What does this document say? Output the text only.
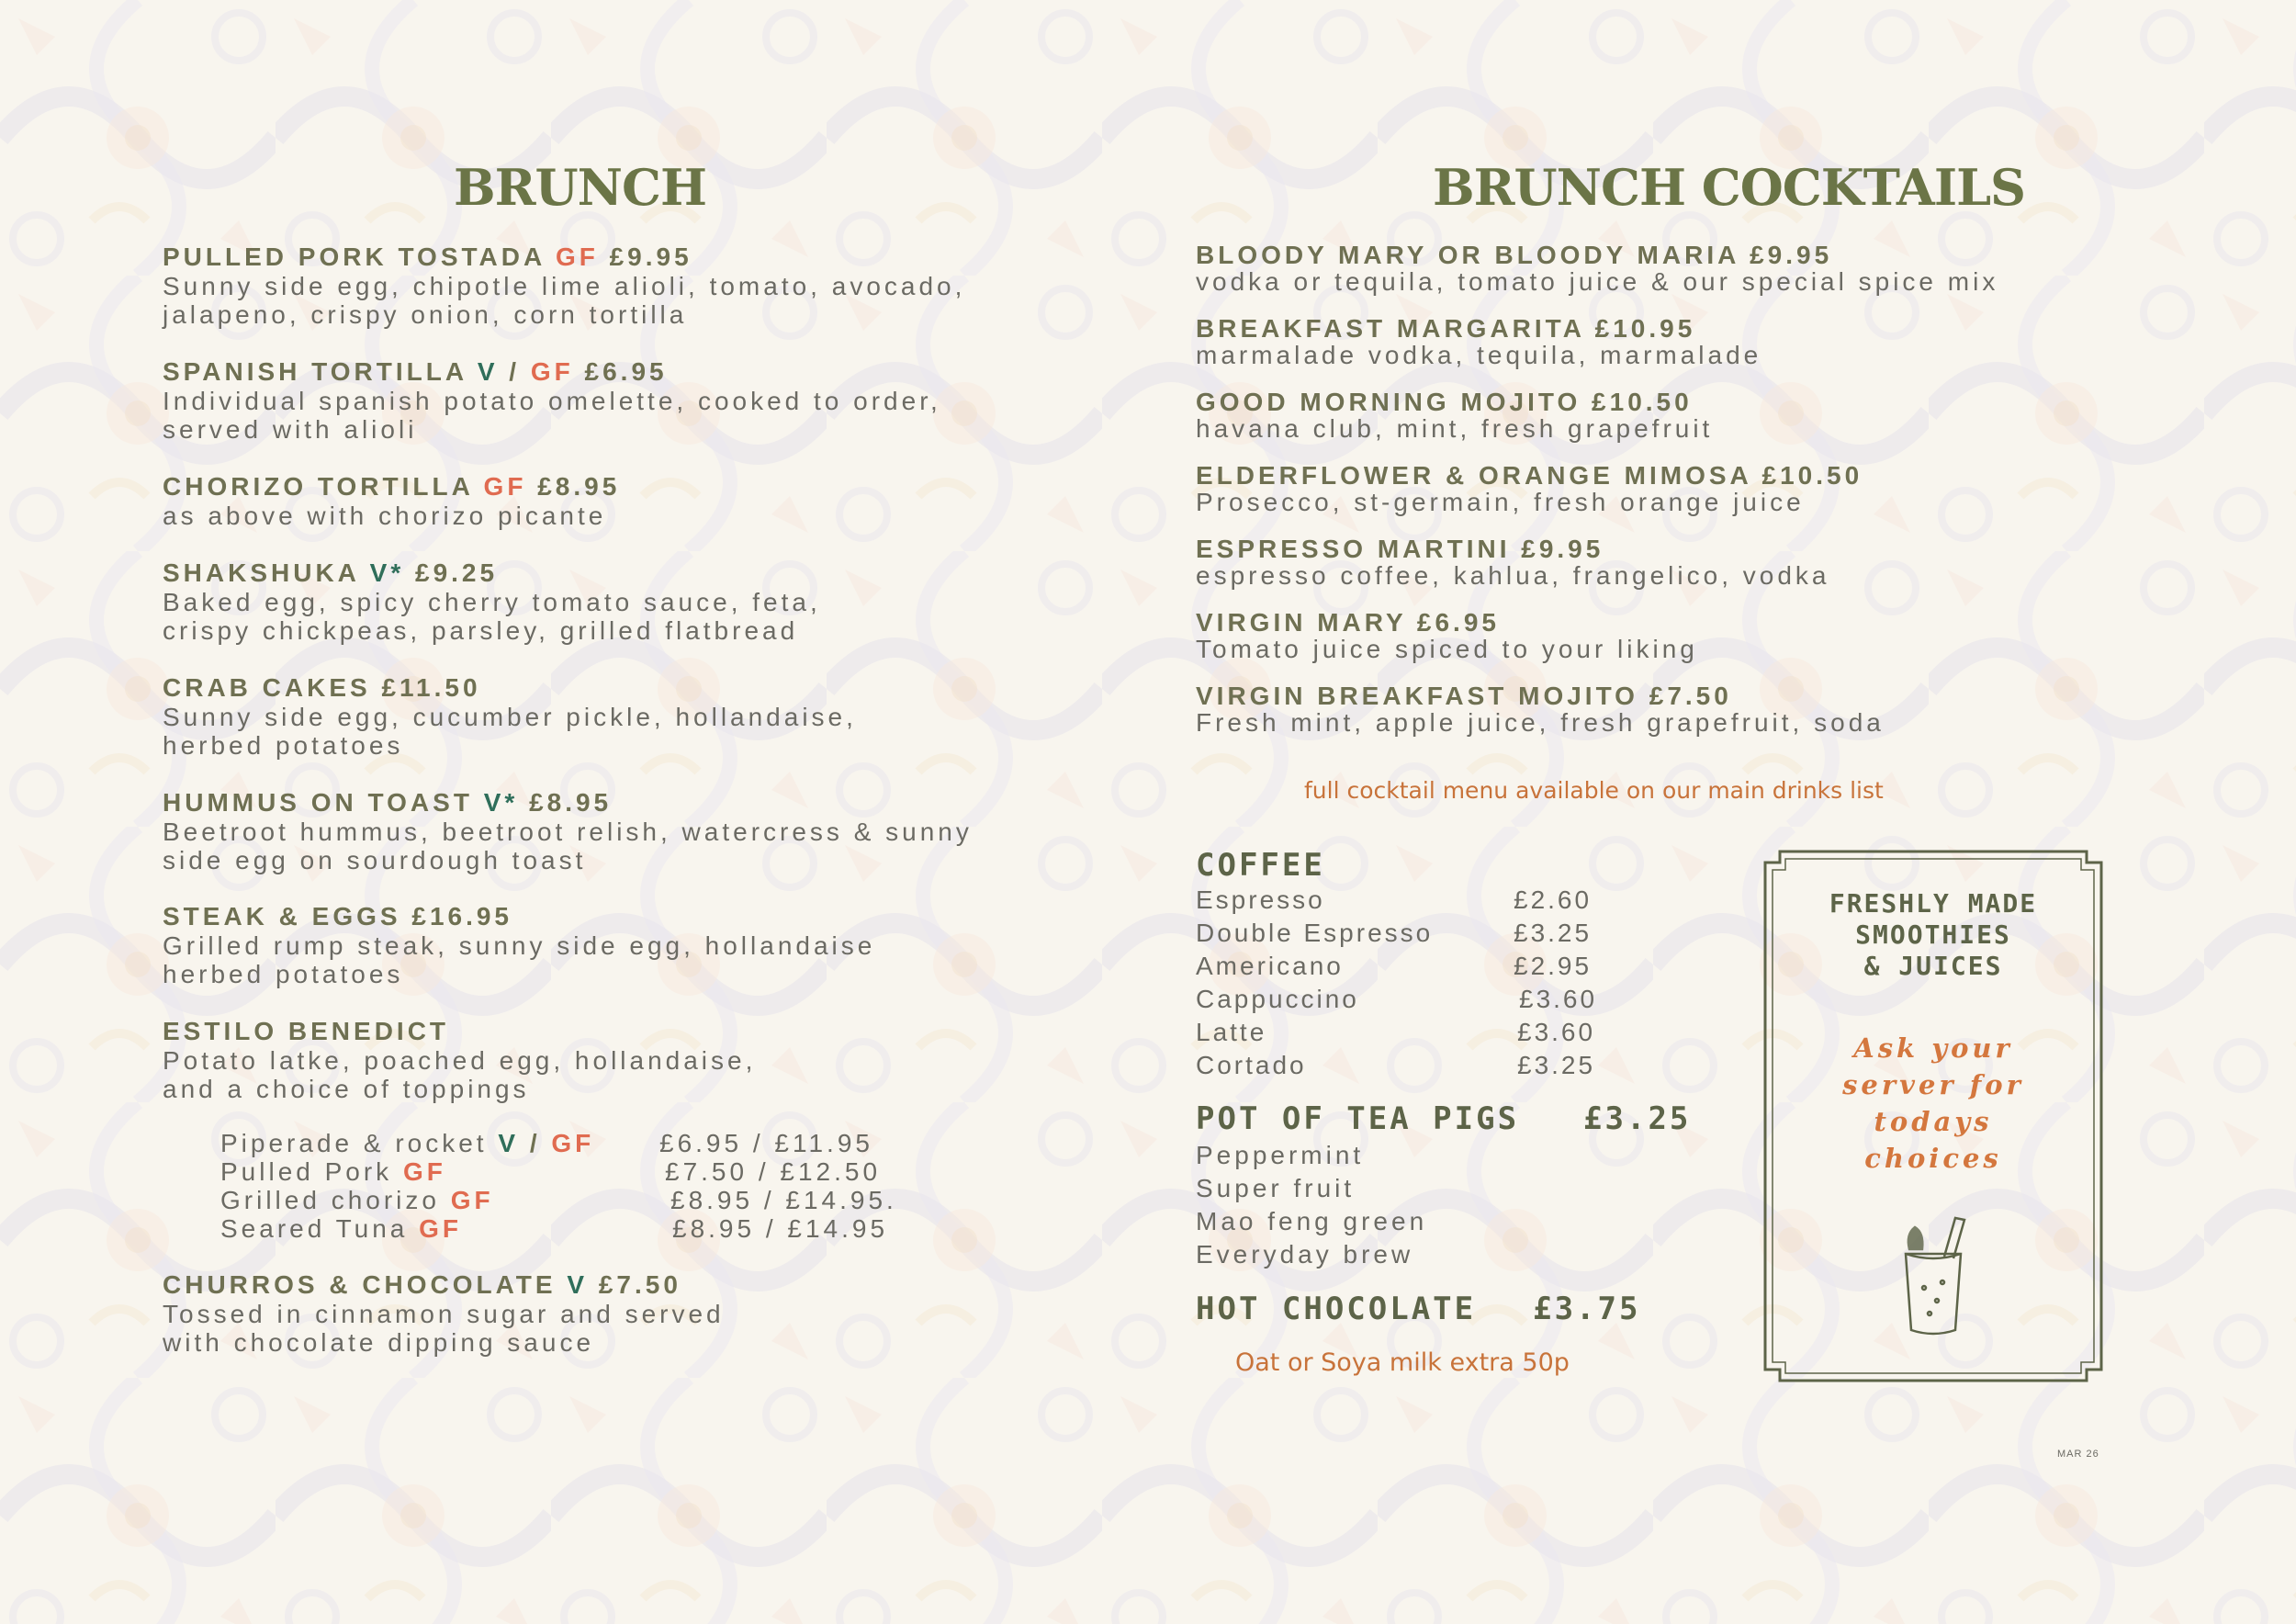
BRUNCH	BRUNCH COCKTAILS
PULLED PORK TOSTADA GF £9.95
Sunny side egg, chipotle lime alioli, tomato, avocado,
jalapeno, crispy onion, corn tortilla
SPANISH TORTILLA V / GF £6.95
Individual spanish potato omelette, cooked to order,
served with alioli
CHORIZO TORTILLA GF £8.95
as above with chorizo picante
SHAKSHUKA V* £9.25
Baked egg, spicy cherry tomato sauce, feta,
crispy chickpeas, parsley, grilled flatbread
CRAB CAKES £11.50
Sunny side egg, cucumber pickle, hollandaise,
herbed potatoes
HUMMUS ON TOAST V* £8.95
Beetroot hummus, beetroot relish, watercress & sunny
side egg on sourdough toast
STEAK & EGGS £16.95
Grilled rump steak, sunny side egg, hollandaise
herbed potatoes
ESTILO BENEDICT
Potato latke, poached egg, hollandaise,
and a choice of toppings
Piperade & rocket V / GF	£6.95 / £11.95
Pulled Pork GF	£7.50 / £12.50
Grilled chorizo GF	£8.95 / £14.95.
Seared Tuna GF	£8.95 / £14.95
CHURROS & CHOCOLATE V £7.50
Tossed in cinnamon sugar and served
with chocolate dipping sauce
BLOODY MARY OR BLOODY MARIA £9.95
vodka or tequila, tomato juice & our special spice mix
BREAKFAST MARGARITA £10.95
marmalade vodka, tequila, marmalade
GOOD MORNING MOJITO £10.50
havana club, mint, fresh grapefruit
ELDERFLOWER & ORANGE MIMOSA £10.50
Prosecco, st-germain, fresh orange juice
ESPRESSO MARTINI £9.95
espresso coffee, kahlua, frangelico, vodka
VIRGIN MARY £6.95
Tomato juice spiced to your liking
VIRGIN BREAKFAST MOJITO £7.50
Fresh mint, apple juice, fresh grapefruit, soda
full cocktail menu available on our main drinks list
COFFEE
Espresso	£2.60
Double Espresso	£3.25
Americano	£2.95
Cappuccino	£3.60
Latte	£3.60
Cortado	£3.25
POT OF TEA PIGS £3.25
Peppermint
Super fruit
Mao feng green
Everyday brew
HOT CHOCOLATE £3.75
Oat or Soya milk extra 50p
FRESHLY MADE
SMOOTHIES
& JUICES
Ask your
server for
todays
choices
MAR 26
